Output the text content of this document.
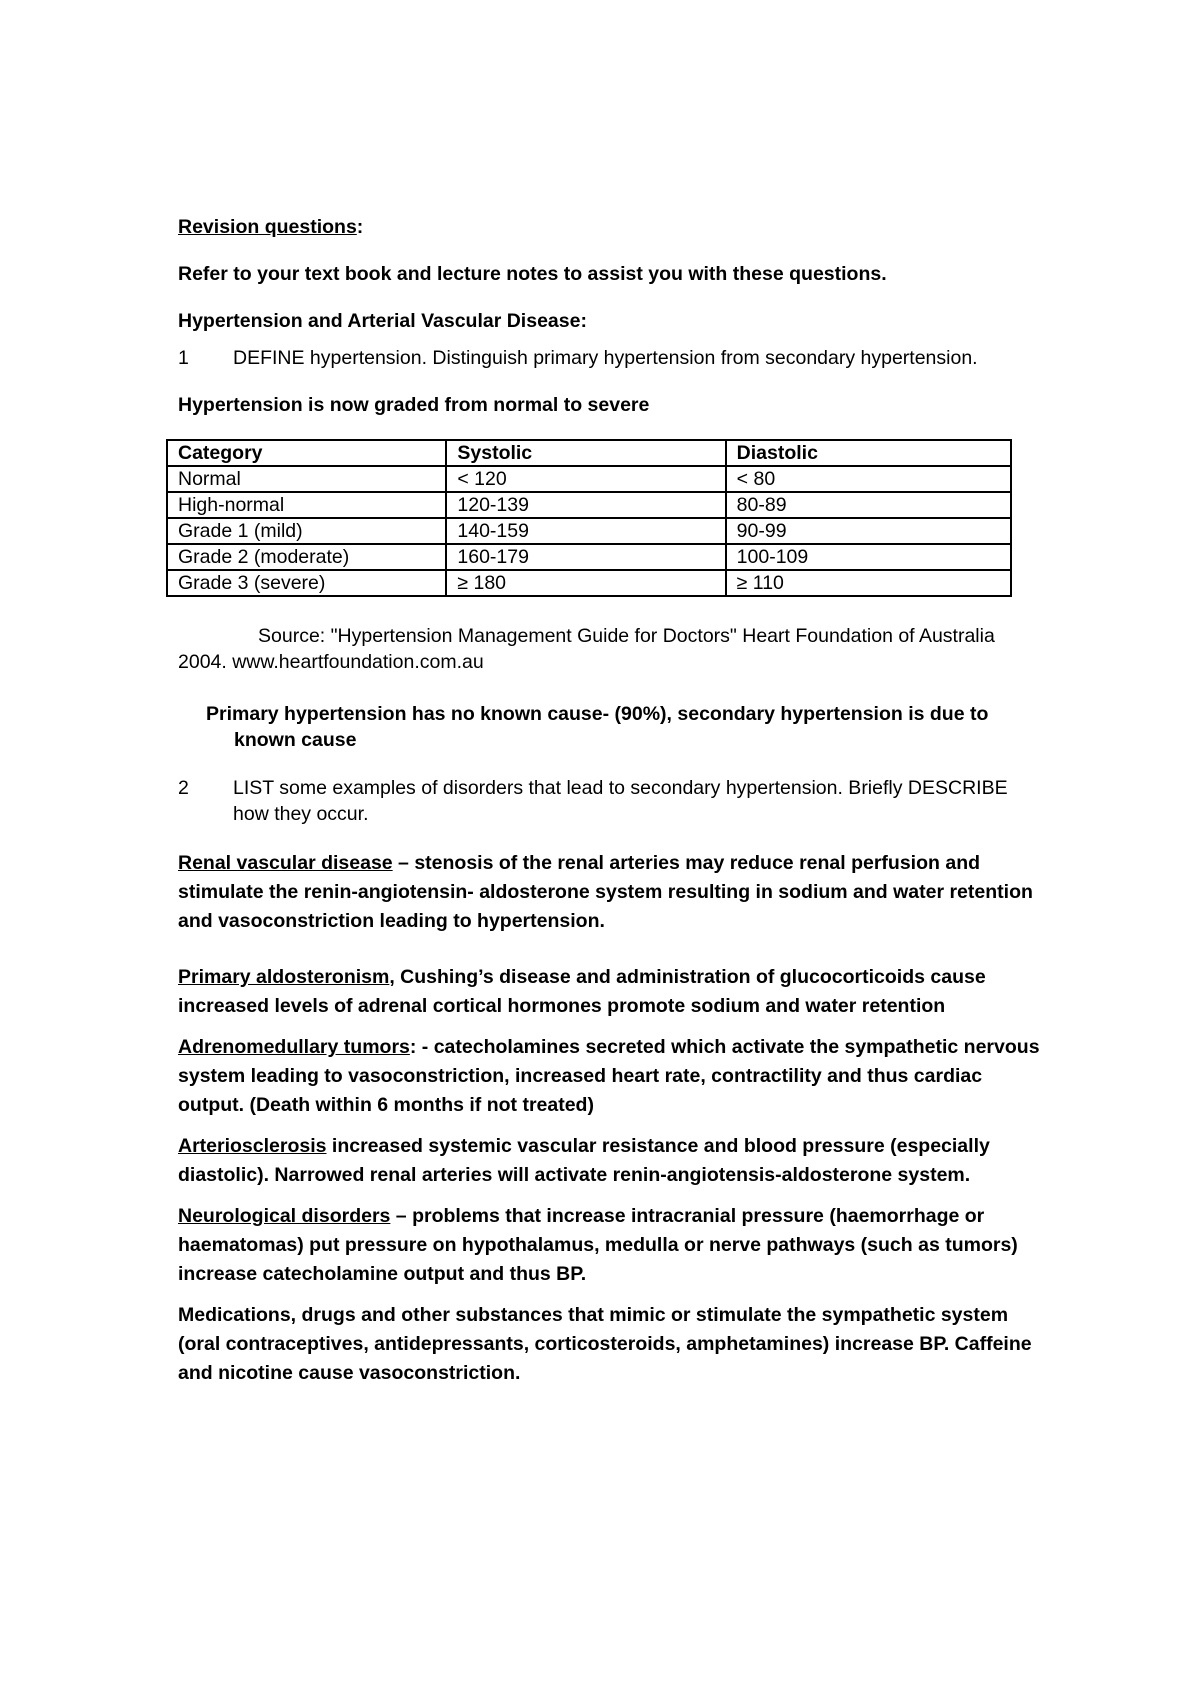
Revision questions:

Refer to your text book and lecture notes to assist you with these questions.

Hypertension and Arterial Vascular Disease:

1	DEFINE hypertension. Distinguish primary hypertension from secondary hypertension.

Hypertension is now graded from normal to severe

Category	Systolic	Diastolic
Normal	< 120	< 80
High-normal	120-139	80-89
Grade 1 (mild)	140-159	90-99
Grade 2 (moderate)	160-179	100-109
Grade 3 (severe)	≥ 180	≥ 110

Source: "Hypertension Management Guide for Doctors" Heart Foundation of Australia 2004. www.heartfoundation.com.au

Primary hypertension has no known cause- (90%), secondary hypertension is due to known cause

2	LIST some examples of disorders that lead to secondary hypertension. Briefly DESCRIBE how they occur.

Renal vascular disease – stenosis of the renal arteries may reduce renal perfusion and stimulate the renin-angiotensin- aldosterone system resulting in sodium and water retention and vasoconstriction leading to hypertension.

Primary aldosteronism, Cushing’s disease and administration of glucocorticoids cause increased levels of adrenal cortical hormones promote sodium and water retention

Adrenomedullary tumors: - catecholamines secreted which activate the sympathetic nervous system leading to vasoconstriction, increased heart rate, contractility and thus cardiac output. (Death within 6 months if not treated)

Arteriosclerosis increased systemic vascular resistance and blood pressure (especially diastolic). Narrowed renal arteries will activate renin-angiotensis-aldosterone system.

Neurological disorders – problems that increase intracranial pressure (haemorrhage or haematomas) put pressure on hypothalamus, medulla or nerve pathways (such as tumors) increase catecholamine output and thus BP.

Medications, drugs and other substances that mimic or stimulate the sympathetic system (oral contraceptives, antidepressants, corticosteroids, amphetamines) increase BP. Caffeine and nicotine cause vasoconstriction.
